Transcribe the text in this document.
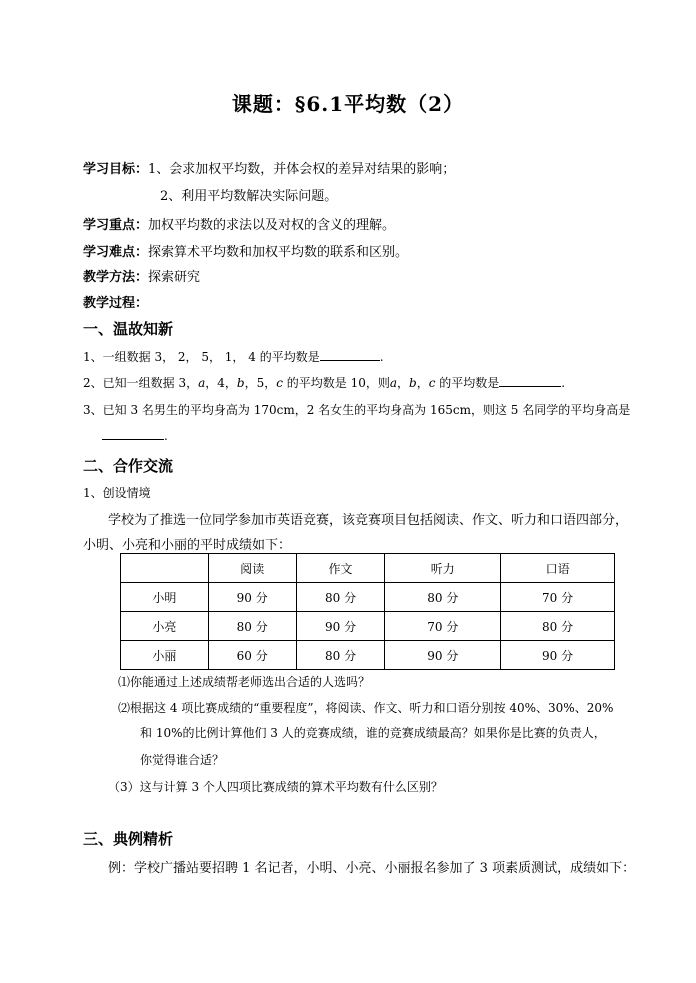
课题：§6.1平均数（2）
学习目标：1、会求加权平均数，并体会权的差异对结果的影响；
2、利用平均数解决实际问题。
学习重点：加权平均数的求法以及对权的含义的理解。
学习难点：探索算术平均数和加权平均数的联系和区别。
教学方法：探索研究
教学过程：
一、温故知新
1、一组数据 3， 2， 5， 1， 4 的平均数是	.
2、已知一组数据 3，a，4，b，5，c 的平均数是 10，则a，b，c 的平均数是	.
3、已知 3 名男生的平均身高为 170cm，2 名女生的平均身高为 165cm，则这 5 名同学的平均身高是
.
二、合作交流
1、创设情境
学校为了推选一位同学参加市英语竞赛，该竞赛项目包括阅读、作文、听力和口语四部分，
小明、小亮和小丽的平时成绩如下：
	阅读	作文	听力	口语
小明	90 分	80 分	80 分	70 分
小亮	80 分	90 分	70 分	80 分
小丽	60 分	80 分	90 分	90 分
⑴你能通过上述成绩帮老师选出合适的人选吗？
⑵根据这 4 项比赛成绩的“重要程度”，将阅读、作文、听力和口语分别按 40%、30%、20%
和 10%的比例计算他们 3 人的竞赛成绩，谁的竞赛成绩最高？如果你是比赛的负责人，
你觉得谁合适？
（3）这与计算 3 个人四项比赛成绩的算术平均数有什么区别？
三、典例精析
例：学校广播站要招聘 1 名记者，小明、小亮、小丽报名参加了 3 项素质测试，成绩如下：
